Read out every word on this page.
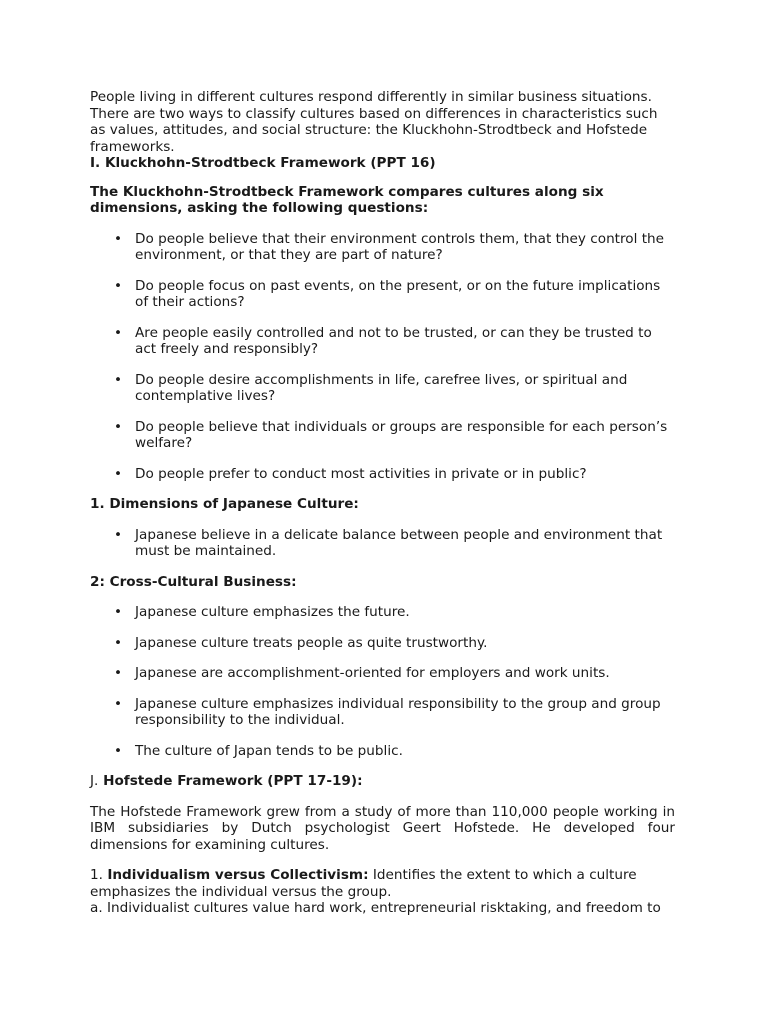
People living in different cultures respond differently in similar business situations. There are two ways to classify cultures based on differences in characteristics such as values, attitudes, and social structure: the Kluckhohn-Strodtbeck and Hofstede frameworks.

I. Kluckhohn-Strodtbeck Framework (PPT 16)

The Kluckhohn-Strodtbeck Framework compares cultures along six dimensions, asking the following questions:

• Do people believe that their environment controls them, that they control the environment, or that they are part of nature?
• Do people focus on past events, on the present, or on the future implications of their actions?
• Are people easily controlled and not to be trusted, or can they be trusted to act freely and responsibly?
• Do people desire accomplishments in life, carefree lives, or spiritual and contemplative lives?
• Do people believe that individuals or groups are responsible for each person’s welfare?
• Do people prefer to conduct most activities in private or in public?

1. Dimensions of Japanese Culture:

• Japanese believe in a delicate balance between people and environment that must be maintained.

2: Cross-Cultural Business:

• Japanese culture emphasizes the future.
• Japanese culture treats people as quite trustworthy.
• Japanese are accomplishment-oriented for employers and work units.
• Japanese culture emphasizes individual responsibility to the group and group responsibility to the individual.
• The culture of Japan tends to be public.

J. Hofstede Framework (PPT 17-19):

The Hofstede Framework grew from a study of more than 110,000 people working in IBM subsidiaries by Dutch psychologist Geert Hofstede. He developed four dimensions for examining cultures.

1. Individualism versus Collectivism: Identifies the extent to which a culture emphasizes the individual versus the group.

a. Individualist cultures value hard work, entrepreneurial risktaking, and freedom to
